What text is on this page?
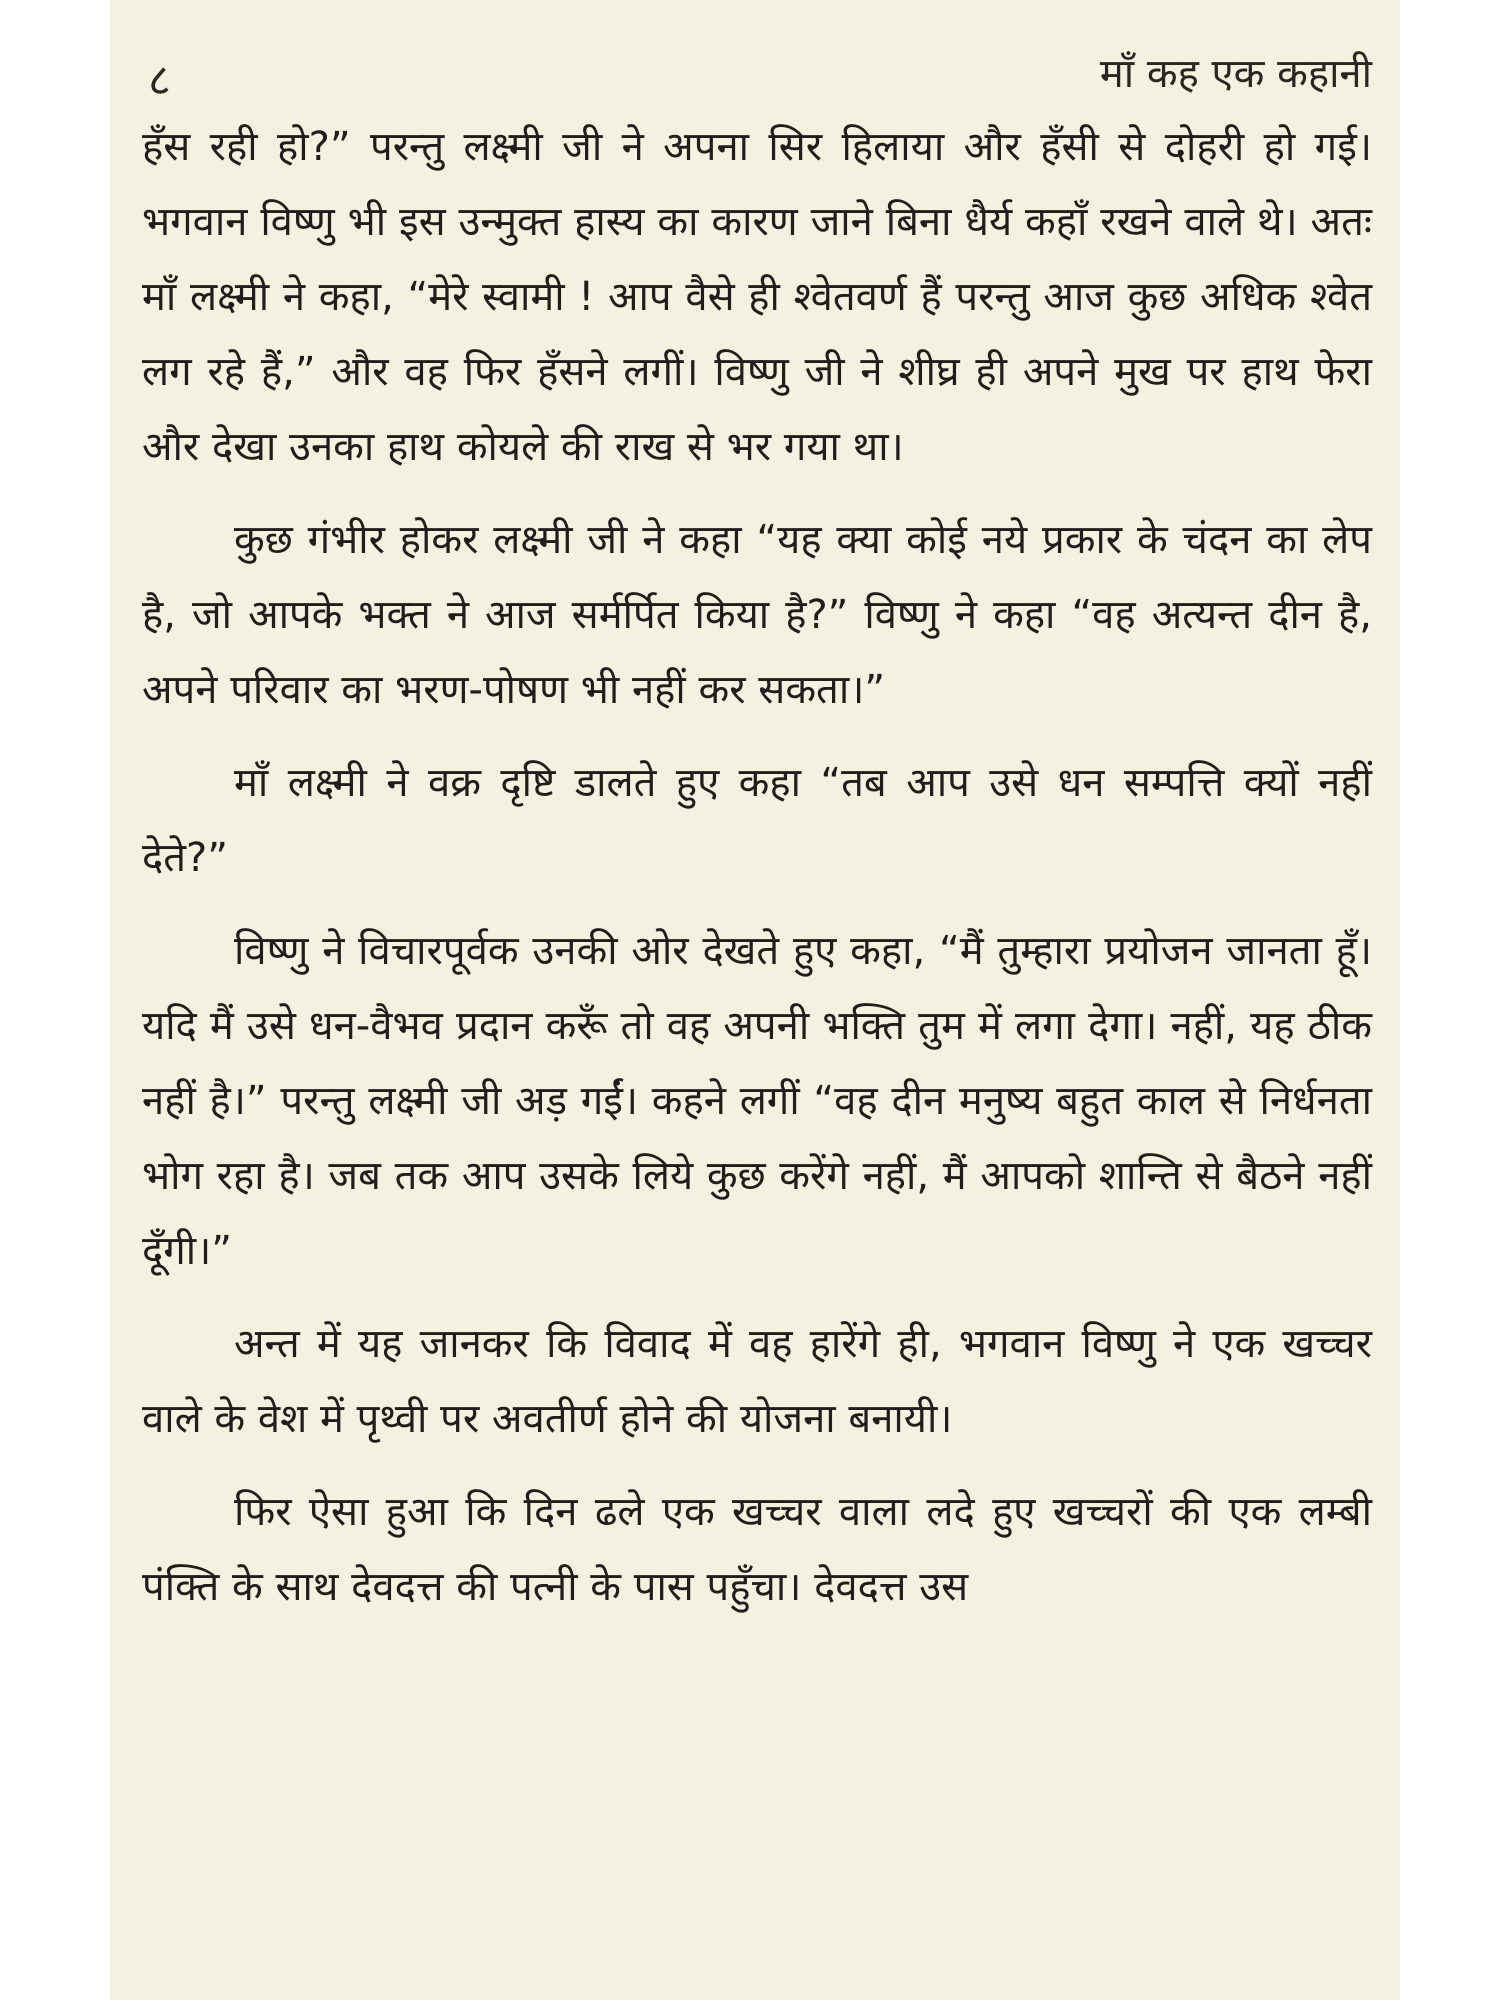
८	माँ कह एक कहानी

हँस रही हो?” परन्तु लक्ष्मी जी ने अपना सिर हिलाया और हँसी से दोहरी हो गई। भगवान विष्णु भी इस उन्मुक्त हास्य का कारण जाने बिना धैर्य कहाँ रखने वाले थे। अतः माँ लक्ष्मी ने कहा, “मेरे स्वामी ! आप वैसे ही श्वेतवर्ण हैं परन्तु आज कुछ अधिक श्वेत लग रहे हैं,” और वह फिर हँसने लगीं। विष्णु जी ने शीघ्र ही अपने मुख पर हाथ फेरा और देखा उनका हाथ कोयले की राख से भर गया था।

कुछ गंभीर होकर लक्ष्मी जी ने कहा “यह क्या कोई नये प्रकार के चंदन का लेप है, जो आपके भक्त ने आज सर्मर्पित किया है?” विष्णु ने कहा “वह अत्यन्त दीन है, अपने परिवार का भरण-पोषण भी नहीं कर सकता।”

माँ लक्ष्मी ने वक्र दृष्टि डालते हुए कहा “तब आप उसे धन सम्पत्ति क्यों नहीं देते?”

विष्णु ने विचारपूर्वक उनकी ओर देखते हुए कहा, “मैं तुम्हारा प्रयोजन जानता हूँ। यदि मैं उसे धन-वैभव प्रदान करूँ तो वह अपनी भक्ति तुम में लगा देगा। नहीं, यह ठीक नहीं है।” परन्तु लक्ष्मी जी अड़ गईं। कहने लगीं “वह दीन मनुष्य बहुत काल से निर्धनता भोग रहा है। जब तक आप उसके लिये कुछ करेंगे नहीं, मैं आपको शान्ति से बैठने नहीं दूँगी।”

अन्त में यह जानकर कि विवाद में वह हारेंगे ही, भगवान विष्णु ने एक खच्चर वाले के वेश में पृथ्वी पर अवतीर्ण होने की योजना बनायी।

फिर ऐसा हुआ कि दिन ढले एक खच्चर वाला लदे हुए खच्चरों की एक लम्बी पंक्ति के साथ देवदत्त की पत्नी के पास पहुँचा। देवदत्त उस
